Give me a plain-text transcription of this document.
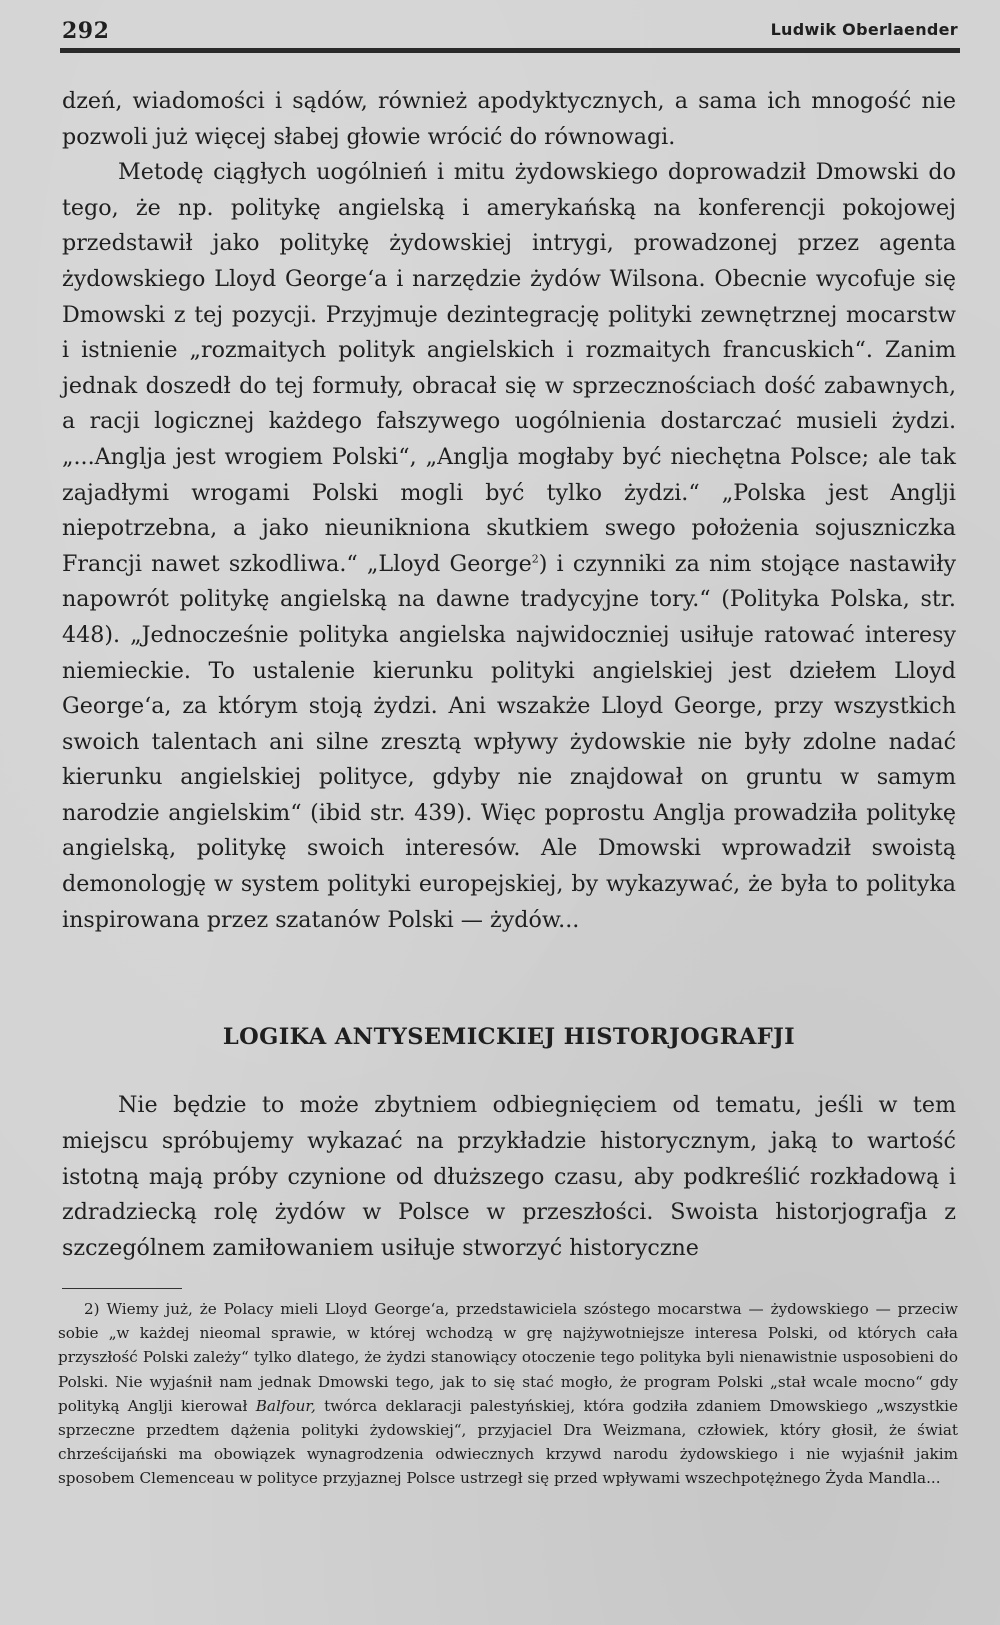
292	Ludwik Oberlaender

dzeń, wiadomości i sądów, również apodyktycznych, a sama ich mnogość nie pozwoli już więcej słabej głowie wrócić do równowagi.

Metodę ciągłych uogólnień i mitu żydowskiego doprowadził Dmowski do tego, że np. politykę angielską i amerykańską na konferencji pokojowej przedstawił jako politykę żydowskiej intrygi, prowadzonej przez agenta żydowskiego Lloyd George‘a i narzędzie żydów Wilsona. Obecnie wycofuje się Dmowski z tej pozycji. Przyjmuje dezintegrację polityki zewnętrznej mocarstw i istnienie „rozmaitych polityk angielskich i rozmaitych francuskich“. Zanim jednak doszedł do tej formuły, obracał się w sprzecznościach dość zabawnych, a racji logicznej każdego fałszywego uogólnienia dostarczać musieli żydzi. „...Anglja jest wrogiem Polski“, „Anglja mogłaby być niechętna Polsce; ale tak zajadłymi wrogami Polski mogli być tylko żydzi.“ „Polska jest Anglji niepotrzebna, a jako nieunikniona skutkiem swego położenia sojuszniczka Francji nawet szkodliwa.“ „Lloyd George$^2$) i czynniki za nim stojące nastawiły napowrót politykę angielską na dawne tradycyjne tory.“ (Polityka Polska, str. 448). „Jednocześnie polityka angielska najwidoczniej usiłuje ratować interesy niemieckie. To ustalenie kierunku polityki angielskiej jest dziełem Lloyd George‘a, za którym stoją żydzi. Ani wszakże Lloyd George, przy wszystkich swoich talentach ani silne zresztą wpływy żydowskie nie były zdolne nadać kierunku angielskiej polityce, gdyby nie znajdował on gruntu w samym narodzie angielskim“ (ibid str. 439). Więc poprostu Anglja prowadziła politykę angielską, politykę swoich interesów. Ale Dmowski wprowadził swoistą demonologję w system polityki europejskiej, by wykazywać, że była to polityka inspirowana przez szatanów Polski — żydów...

LOGIKA ANTYSEMICKIEJ HISTORJOGRAFJI

Nie będzie to może zbytniem odbiegnięciem od tematu, jeśli w tem miejscu spróbujemy wykazać na przykładzie historycznym, jaką to wartość istotną mają próby czynione od dłuższego czasu, aby podkreślić rozkładową i zdradziecką rolę żydów w Polsce w przeszłości. Swoista historjografja z szczególnem zamiłowaniem usiłuje stworzyć historyczne

2) Wiemy już, że Polacy mieli Lloyd George‘a, przedstawiciela szóstego mocarstwa — żydowskiego — przeciw sobie „w każdej nieomal sprawie, w której wchodzą w grę najżywotniejsze interesa Polski, od których cała przyszłość Polski zależy“ tylko dlatego, że żydzi stanowiący otoczenie tego polityka byli nienawistnie usposobieni do Polski. Nie wyjaśnił nam jednak Dmowski tego, jak to się stać mogło, że program Polski „stał wcale mocno“ gdy polityką Anglji kierował Balfour, twórca deklaracji palestyńskiej, która godziła zdaniem Dmowskiego „wszystkie sprzeczne przedtem dążenia polityki żydowskiej“, przyjaciel Dra Weizmana, człowiek, który głosił, że świat chrześcijański ma obowiązek wynagrodzenia odwiecznych krzywd narodu żydowskiego i nie wyjaśnił jakim sposobem Clemenceau w polityce przyjaznej Polsce ustrzegł się przed wpływami wszechpotężnego Żyda Mandla...
